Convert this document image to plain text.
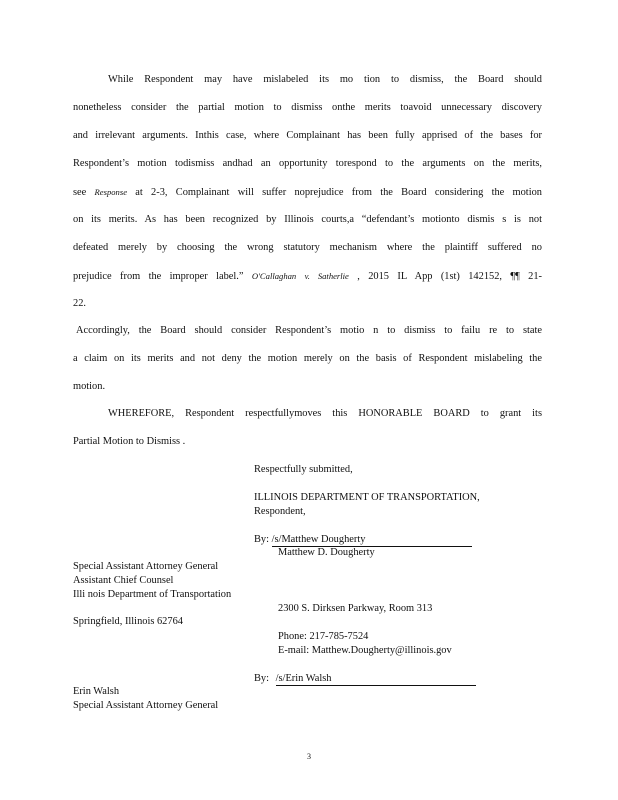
While Respondent may have mislabeled its mo tion to dismiss, the Board should
nonetheless consider the partial motion to dismiss onthe merits toavoid unnecessary discovery
and irrelevant arguments. Inthis case, where Complainant has been fully apprised of the bases for
Respondent’s motion todismiss andhad an opportunity torespond to the arguments on the merits,
see Response at 2-3, Complainant will suffer noprejudice from the Board considering the motion
on its merits. As has been recognized by Illinois courts,a “defendant’s motionto dismis s is not
defeated merely by choosing the wrong statutory mechanism where the plaintiff suffered no
prejudice from the improper label.” O'Callaghan v. Satherlie , 2015 IL App (1st) 142152, ¶¶ 21-
22.
Accordingly, the Board should consider Respondent’s motio n to dismiss to failu re to state
a claim on its merits and not deny the motion merely on the basis of Respondent mislabeling the
motion.
WHEREFORE, Respondent respectfullymoves this HONORABLE BOARD to grant its
Partial Motion to Dismiss .
Respectfully submitted,
ILLINOIS DEPARTMENT OF TRANSPORTATION,
Respondent,
By: /s/Matthew Dougherty
Matthew D. Dougherty
Special Assistant Attorney General
Assistant Chief Counsel
Illi nois Department of Transportation
Springfield, Illinois 62764
2300 S. Dirksen Parkway, Room 313
Phone: 217-785-7524
E-mail: Matthew.Dougherty@illinois.gov
By: /s/Erin Walsh
Erin Walsh
Special Assistant Attorney General
3
